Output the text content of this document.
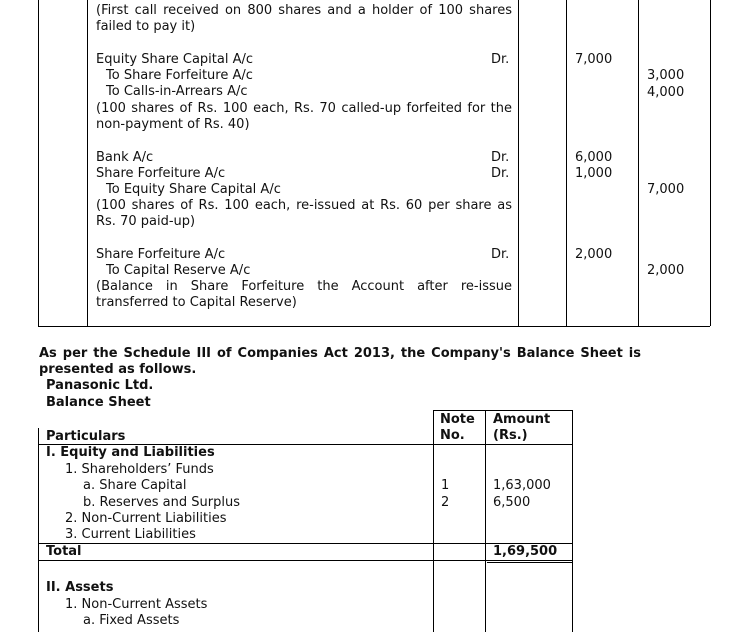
(First call received on 800 shares and a holder of 100 shares failed to pay it)
Equity Share Capital A/c	Dr.	7,000
To Share Forfeiture A/c	3,000
To Calls-in-Arrears A/c	4,000
(100 shares of Rs. 100 each, Rs. 70 called-up forfeited for the non-payment of Rs. 40)
Bank A/c	Dr.	6,000
Share Forfeiture A/c	Dr.	1,000
To Equity Share Capital A/c	7,000
(100 shares of Rs. 100 each, re-issued at Rs. 60 per share as Rs. 70 paid-up)
Share Forfeiture A/c	Dr.	2,000
To Capital Reserve A/c	2,000
(Balance in Share Forfeiture the Account after re-issue transferred to Capital Reserve)
As per the Schedule III of Companies Act 2013, the Company's Balance Sheet is presented as follows.
Panasonic Ltd.
Balance Sheet
Particulars
Note No.
Amount (Rs.)
I. Equity and Liabilities
1. Shareholders’ Funds
a. Share Capital	1	1,63,000
b. Reserves and Surplus	2	6,500
2. Non-Current Liabilities
3. Current Liabilities
Total	1,69,500
II. Assets
1. Non-Current Assets
a. Fixed Assets
